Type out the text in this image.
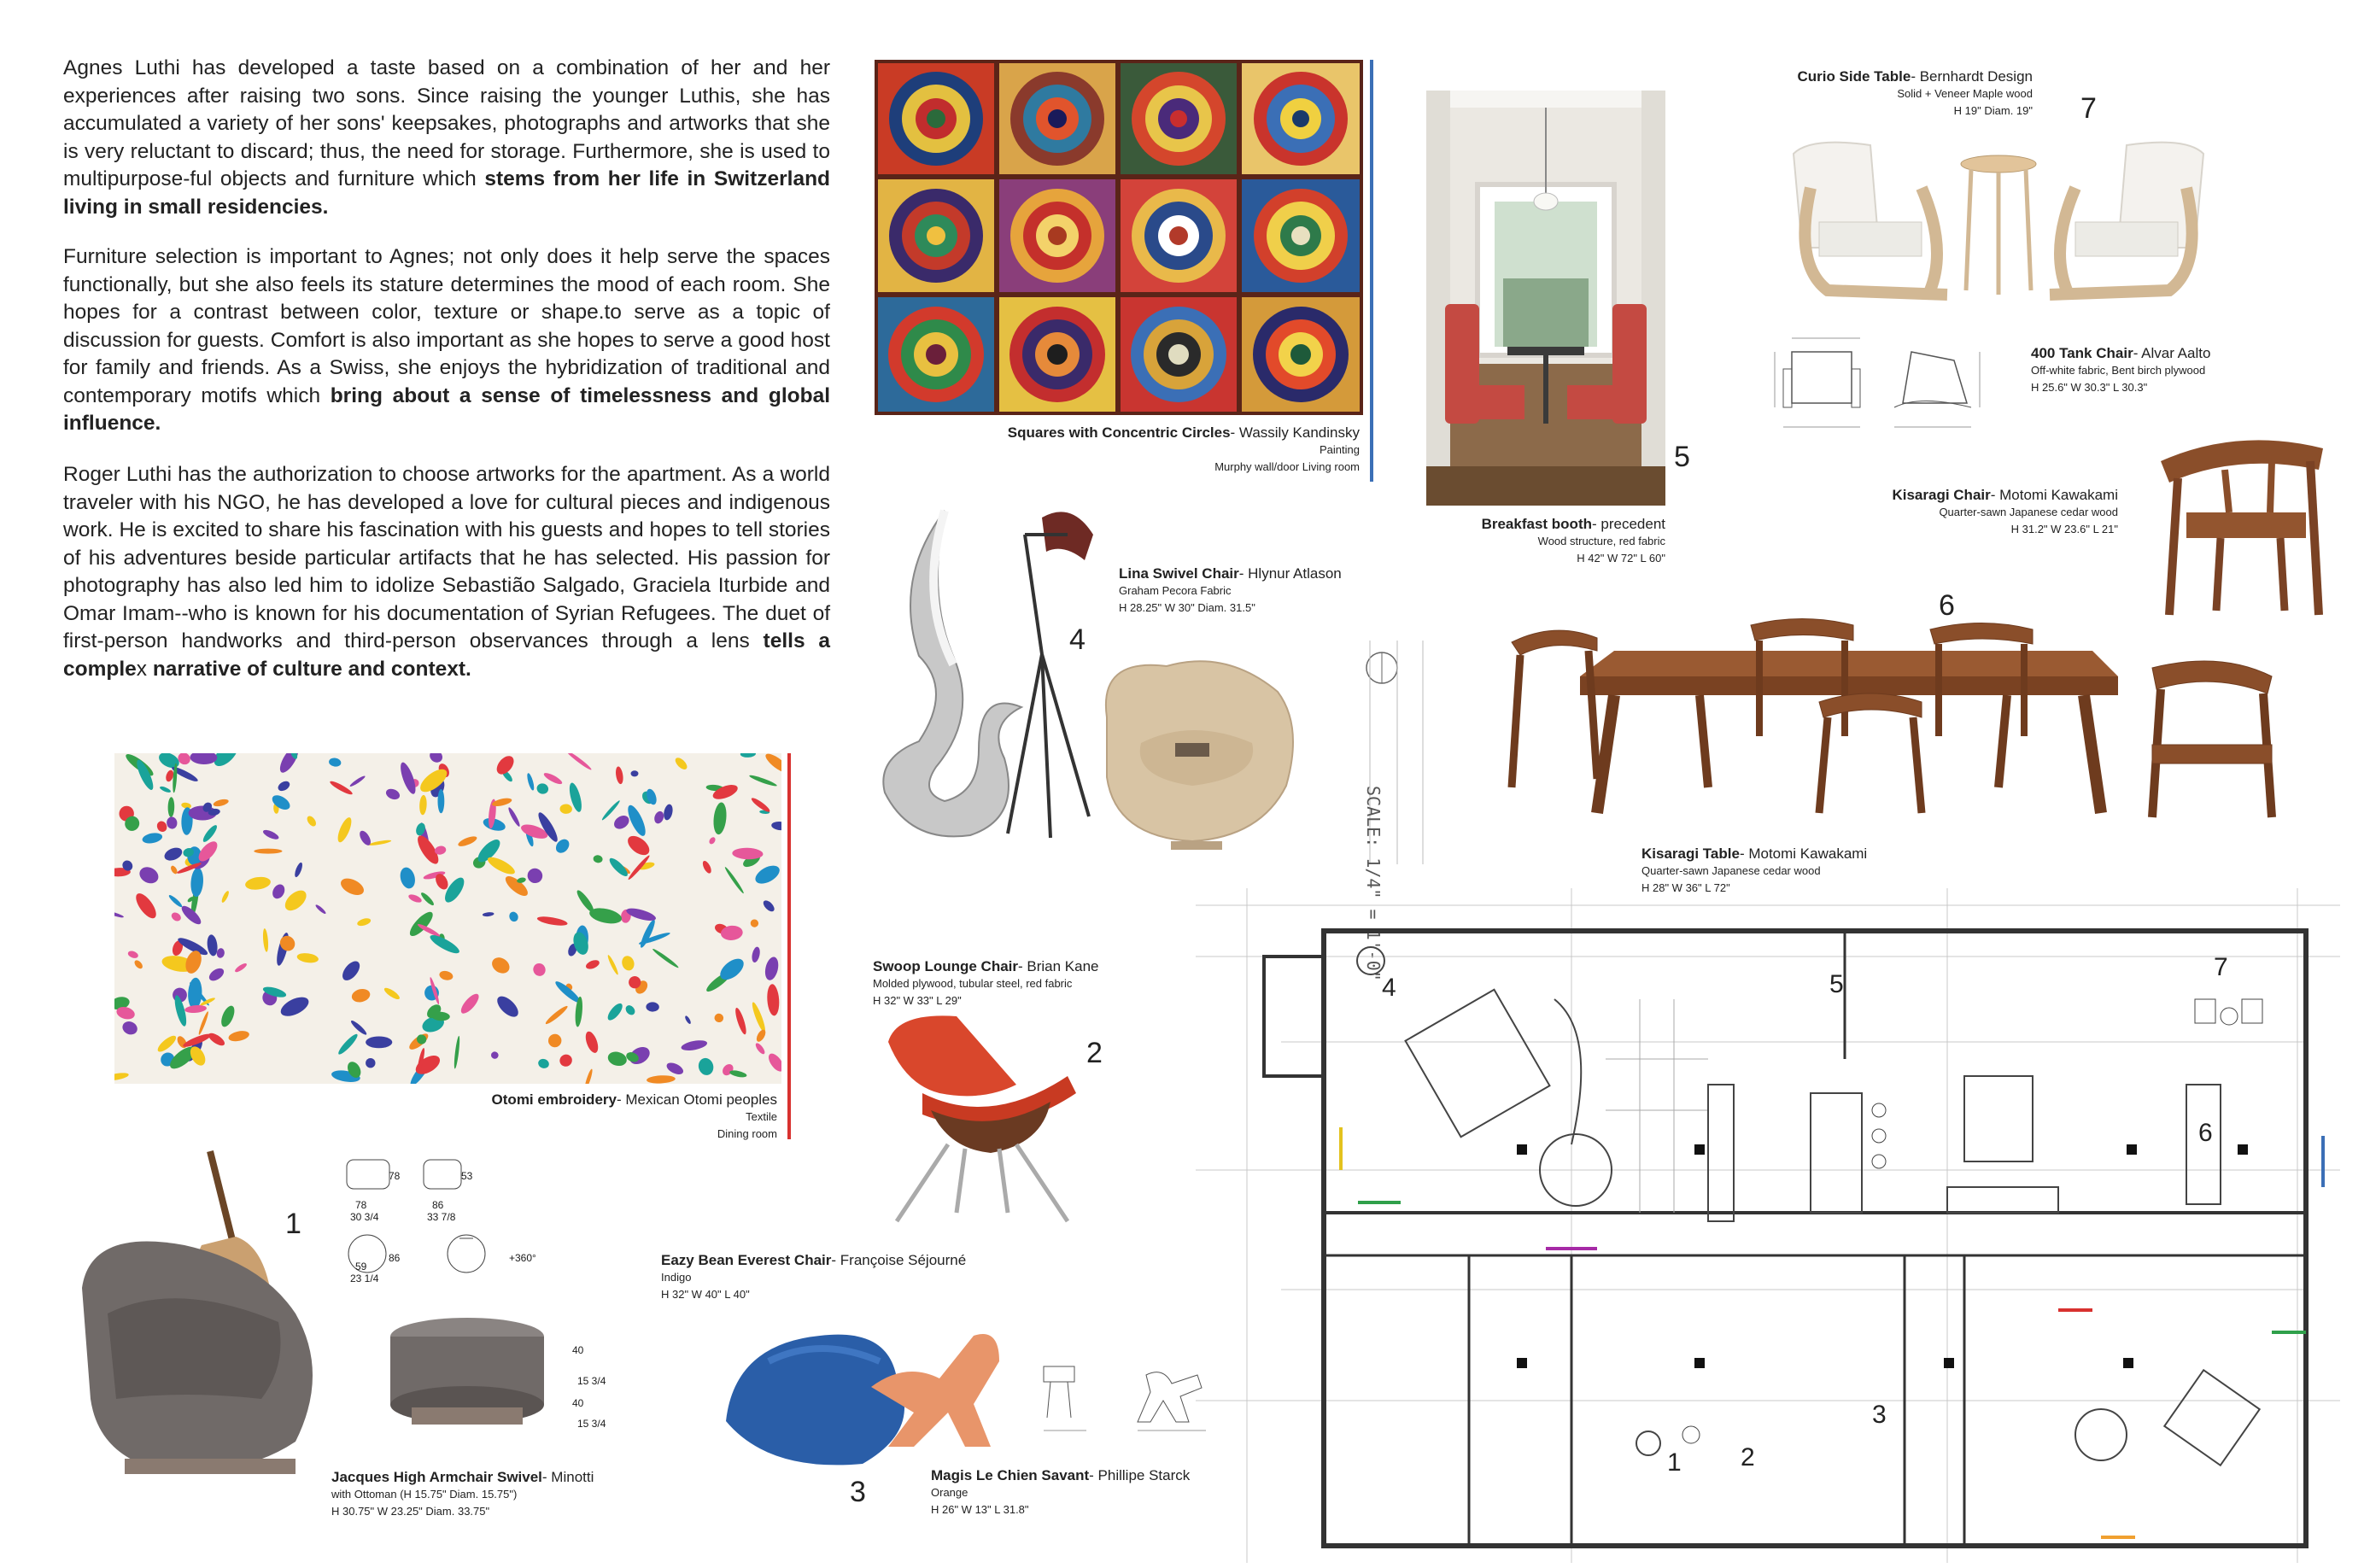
Agnes Luthi has developed a taste based on a combination of her and her experiences after raising two sons. Since raising the younger Luthis, she has accumulated a variety of her sons' keepsakes, photographs and artworks that she is very reluctant to discard; thus, the need for storage. Furthermore, she is used to multipurpose-ful objects and furniture which stems from her life in Switzerland living in small residencies.

Furniture selection is important to Agnes; not only does it help serve the spaces functionally, but she also feels its stature determines the mood of each room. She hopes for a contrast between color, texture or shape.to serve as a topic of discussion for guests. Comfort is also important as she hopes to serve a good host for family and friends. As a Swiss, she enjoys the hybridization of traditional and contemporary motifs which bring about a sense of timelessness and global influence.

Roger Luthi has the authorization to choose artworks for the apartment. As a world traveler with his NGO, he has developed a love for cultural pieces and indigenous work. He is excited to share his fascination with his guests and hopes to tell stories of his adventures beside particular artifacts that he has selected. His passion for photography has also led him to idolize Sebastião Salgado, Graciela Iturbide and Omar Imam--who is known for his documentation of Syrian Refugees. The duet of first-person handworks and third-person observances through a lens tells a complex narrative of culture and context.

Squares with Concentric Circles- Wassily Kandinsky
Painting
Murphy wall/door Living room
Otomi embroidery- Mexican Otomi peoples
Textile
Dining room
5
Breakfast booth- precedent
Wood structure, red fabric
H 42" W 72" L 60"
Curio Side Table- Bernhardt Design
Solid + Veneer Maple wood
H 19" Diam. 19" 7
400 Tank Chair- Alvar Aalto
Off-white fabric, Bent birch plywood
H 25.6" W 30.3" L 30.3"
Kisaragi Chair- Motomi Kawakami
Quarter-sawn Japanese cedar wood
H 31.2" W 23.6" L 21"
6
Kisaragi Table- Motomi Kawakami
Quarter-sawn Japanese cedar wood
H 28" W 36" L 72"
Lina Swivel Chair- Hlynur Atlason
Graham Pecora Fabric
H 28.25" W 30" Diam. 31.5"
4
SCALE: 1/4" = 1'-0"
Swoop Lounge Chair- Brian Kane
Molded plywood, tubular steel, red fabric
H 32" W 33" L 29"
2
Eazy Bean Everest Chair- Françoise Séjourné
Indigo
H 32" W 40" L 40"
Magis Le Chien Savant- Phillipe Starck
Orange
H 26" W 13" L 31.8"
3
1
78
78
86
53
59
86
30 3/4	33 7/8
23 1/4
+360°
40
40
15 3/4
15 3/4
Jacques High Armchair Swivel- Minotti
with Ottoman (H 15.75" Diam. 15.75")
H 30.75" W 23.25" Diam. 33.75"
4	5
7
6
3
1 2
